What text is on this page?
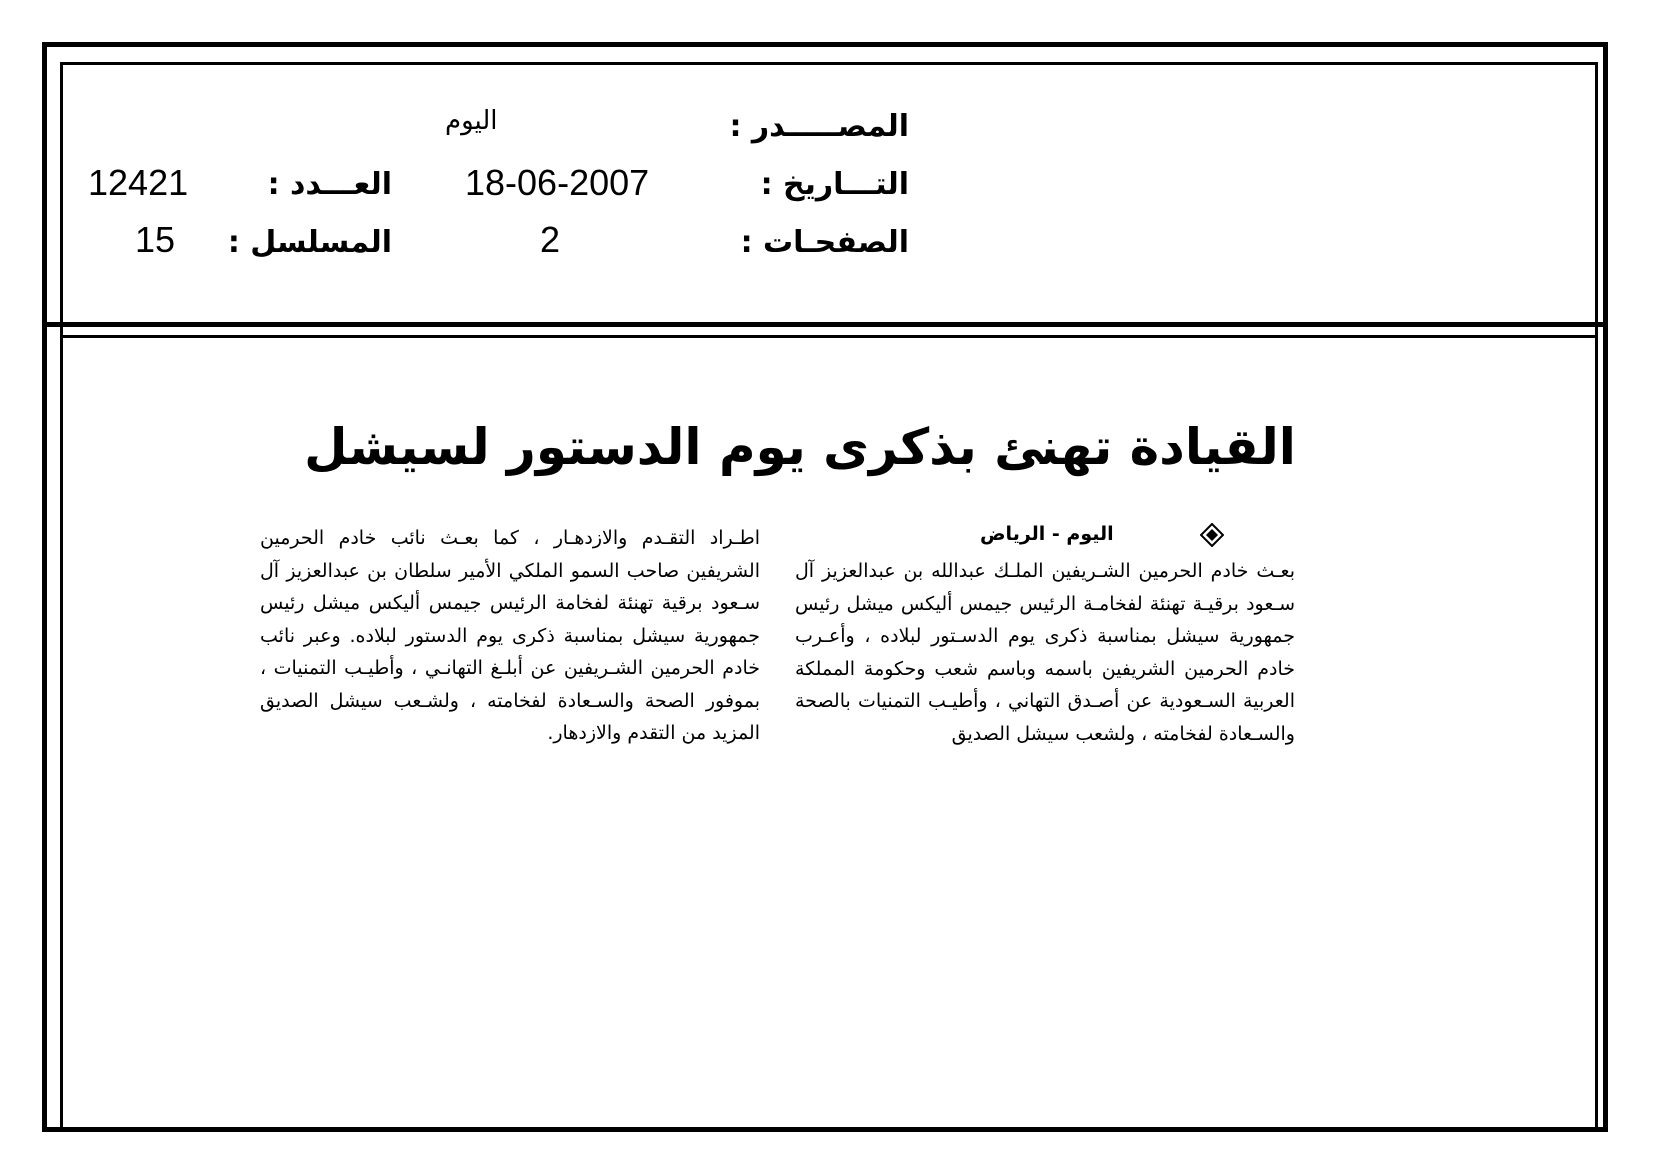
المصـــــدر :
اليوم
التـــاريخ :
18-06-2007
العـــدد :
12421
الصفحـات :
2
المسلسل :
15
القيادة تهنئ بذكرى يوم الدستور لسيشل
اليوم - الرياض
بعـث خادم الحرمين الشـريفين الملـك عبدالله بن عبدالعزيز آل سـعود برقيـة تهنئة لفخامـة الرئيس جيمس أليكس ميشل رئيس جمهورية سيشل بمناسبة ذكرى يوم الدسـتور لبلاده ، وأعـرب خادم الحرمين الشريفين باسمه وباسم شعب وحكومة المملكة العربية السـعودية عن أصـدق التهاني ، وأطيـب التمنيات بالصحة والسـعادة لفخامته ، ولشعب سيشل الصديق
اطـراد التقـدم والازدهـار ، كما بعـث نائب خادم الحرمين الشريفين صاحب السمو الملكي الأمير سلطان بن عبدالعزيز آل سـعود برقية تهنئة لفخامة الرئيس جيمس أليكس ميشل رئيس جمهورية سيشل بمناسبة ذكرى يوم الدستور لبلاده. وعبر نائب خادم الحرمين الشـريفين عن أبلـغ التهانـي ، وأطيـب التمنيات ، بموفور الصحة والسـعادة لفخامته ، ولشـعب سيشل الصديق المزيد من التقدم والازدهار.
